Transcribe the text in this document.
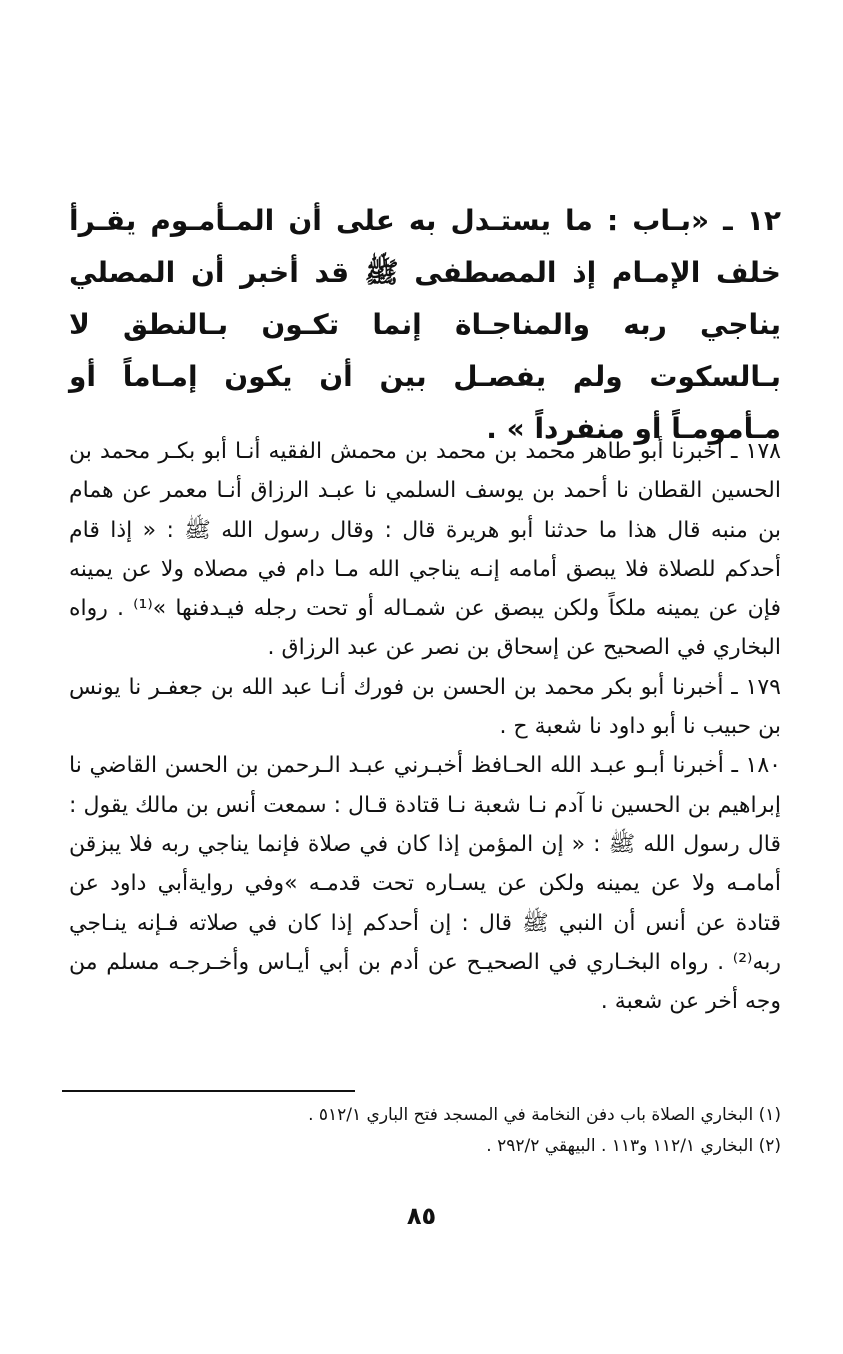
١٢ ـ «بـاب : ما يستـدل به على أن المـأمـوم يقـرأ خلف الإمـام إذ المصطفى ﷺ قد أخبر أن المصلي يناجي ربه والمناجـاة إنما تكـون بـالنطق لا بـالسكوت ولم يفصـل بين أن يكون إمـاماً أو مـأمومـاً أو منفرداً » .

١٧٨ ـ أخبرنا أبو طاهر محمد بن محمد بن محمش الفقيه أنـا أبو بكـر محمد بن الحسين القطان نا أحمد بن يوسف السلمي نا عبـد الرزاق أنـا معمر عن همام بن منبه قال هذا ما حدثنا أبو هريرة قال : وقال رسول الله ﷺ : « إذا قام أحدكم للصلاة فلا يبصق أمامه إنـه يناجي الله مـا دام في مصلاه ولا عن يمينه فإن عن يمينه ملكاً ولكن يبصق عن شمـاله أو تحت رجله فيـدفنها »⁽¹⁾ . رواه البخاري في الصحيح عن إسحاق بن نصر عن عبد الرزاق .

١٧٩ ـ أخبرنا أبو بكر محمد بن الحسن بن فورك أنـا عبد الله بن جعفـر نا يونس بن حبيب نا أبو داود نا شعبة ح .

١٨٠ ـ أخبرنا أبـو عبـد الله الحـافظ أخبـرني عبـد الـرحمن بن الحسن القاضي نا إبراهيم بن الحسين نا آدم نـا شعبة نـا قتادة قـال : سمعت أنس بن مالك يقول : قال رسول الله ﷺ : « إن المؤمن إذا كان في صلاة فإنما يناجي ربه فلا يبزقن أمامـه ولا عن يمينه ولكن عن يسـاره تحت قدمـه »وفي روايةأبي داود عن قتادة عن أنس أن النبي ﷺ قال : إن أحدكم إذا كان في صلاته فـإنه ينـاجي ربه⁽²⁾ . رواه البخـاري في الصحيـح عن أدم بن أبي أيـاس وأخـرجـه مسلم من وجه أخر عن شعبة .

(١) البخاري الصلاة باب دفن النخامة في المسجد فتح الباري ٥١٢/١ .

(٢) البخاري ١١٢/١ و١١٣ . البيهقي ٢٩٢/٢ .

٨٥
